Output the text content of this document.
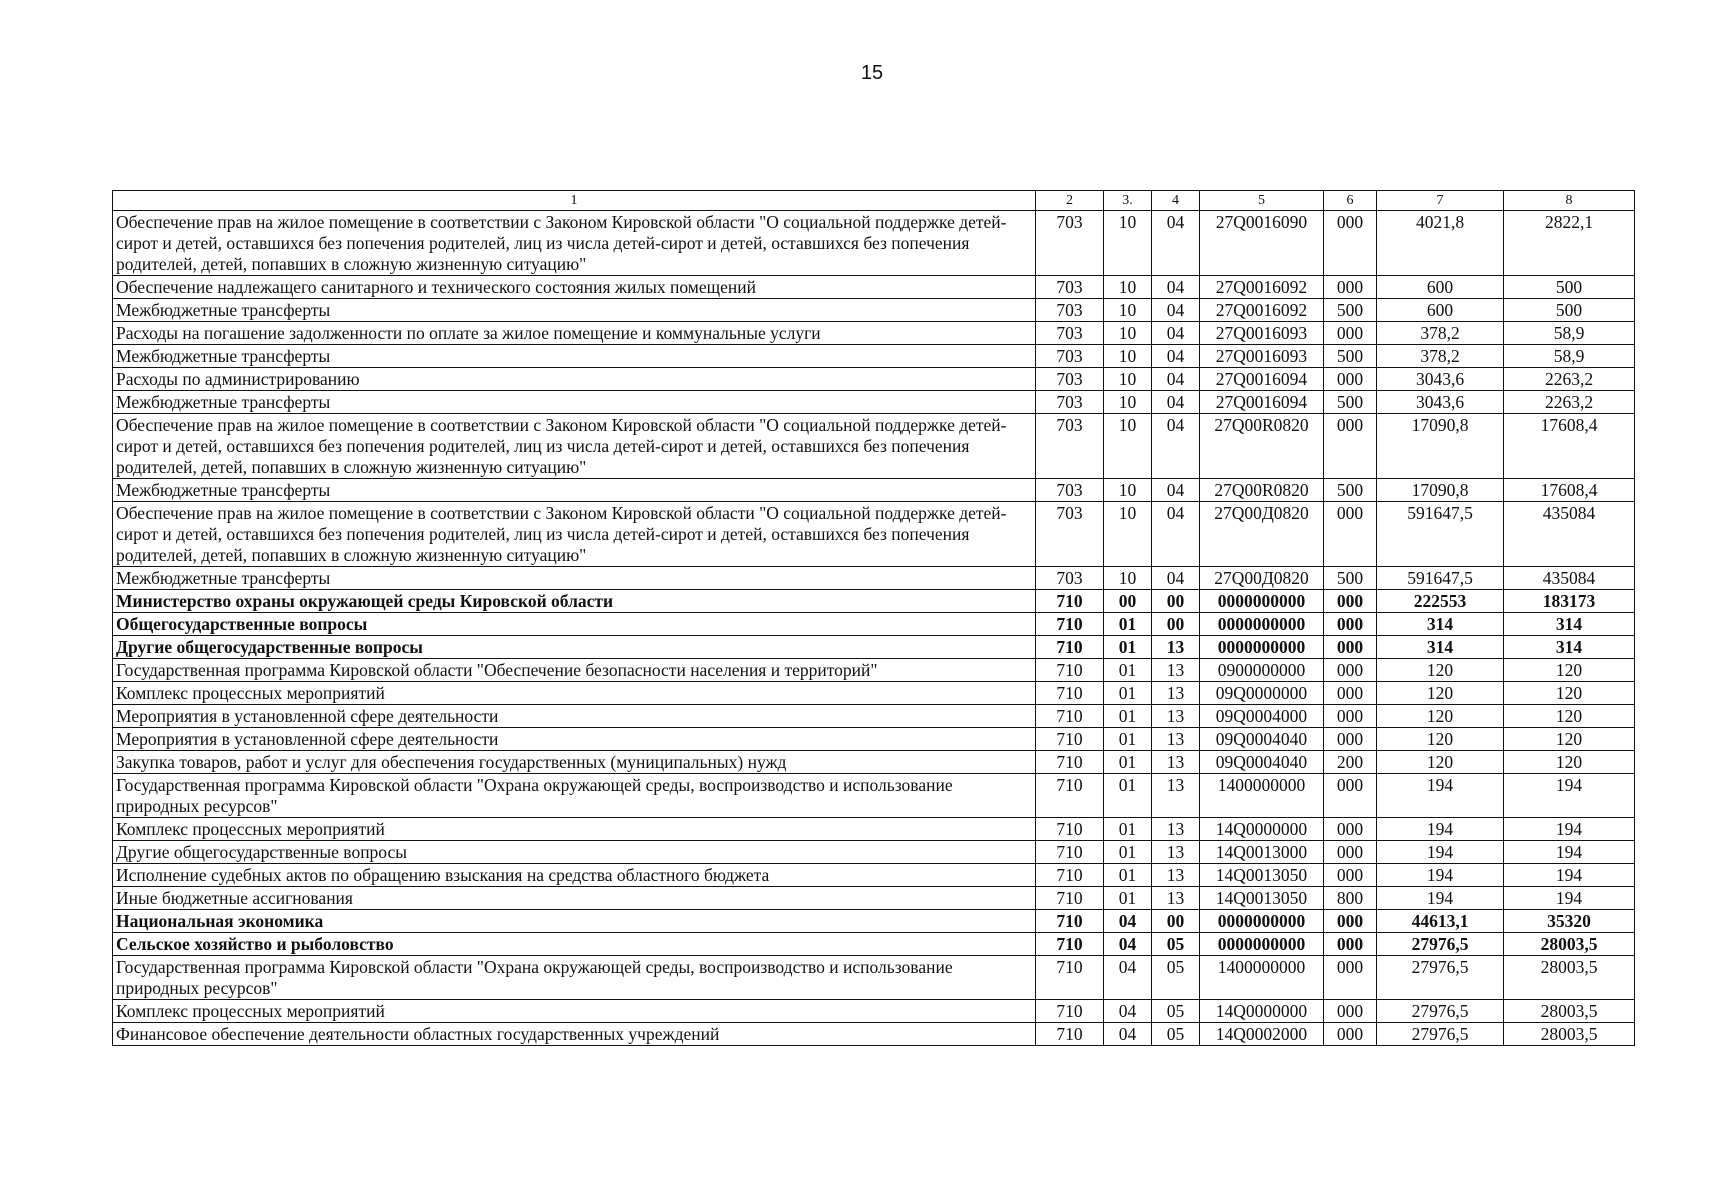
15
1	2	3.	4	5	6	7	8
Обеспечение прав на жилое помещение в соответствии с Законом Кировской области "О социальной поддержке детей-сирот и детей, оставшихся без попечения родителей, лиц из числа детей-сирот и детей, оставшихся без попечения родителей, детей, попавших в сложную жизненную ситуацию"	703	10	04	27Q0016090	000	4021,8	2822,1
Обеспечение надлежащего санитарного и технического состояния жилых помещений	703	10	04	27Q0016092	000	600	500
Межбюджетные трансферты	703	10	04	27Q0016092	500	600	500
Расходы на погашение задолженности по оплате за жилое помещение и коммунальные услуги	703	10	04	27Q0016093	000	378,2	58,9
Межбюджетные трансферты	703	10	04	27Q0016093	500	378,2	58,9
Расходы по администрированию	703	10	04	27Q0016094	000	3043,6	2263,2
Межбюджетные трансферты	703	10	04	27Q0016094	500	3043,6	2263,2
Обеспечение прав на жилое помещение в соответствии с Законом Кировской области "О социальной поддержке детей-сирот и детей, оставшихся без попечения родителей, лиц из числа детей-сирот и детей, оставшихся без попечения родителей, детей, попавших в сложную жизненную ситуацию"	703	10	04	27Q00R0820	000	17090,8	17608,4
Межбюджетные трансферты	703	10	04	27Q00R0820	500	17090,8	17608,4
Обеспечение прав на жилое помещение в соответствии с Законом Кировской области "О социальной поддержке детей-сирот и детей, оставшихся без попечения родителей, лиц из числа детей-сирот и детей, оставшихся без попечения родителей, детей, попавших в сложную жизненную ситуацию"	703	10	04	27Q00Д0820	000	591647,5	435084
Межбюджетные трансферты	703	10	04	27Q00Д0820	500	591647,5	435084
Министерство охраны окружающей среды Кировской области	710	00	00	0000000000	000	222553	183173
Общегосударственные вопросы	710	01	00	0000000000	000	314	314
Другие общегосударственные вопросы	710	01	13	0000000000	000	314	314
Государственная программа Кировской области "Обеспечение безопасности населения и территорий"	710	01	13	0900000000	000	120	120
Комплекс процессных мероприятий	710	01	13	09Q0000000	000	120	120
Мероприятия в установленной сфере деятельности	710	01	13	09Q0004000	000	120	120
Мероприятия в установленной сфере деятельности	710	01	13	09Q0004040	000	120	120
Закупка товаров, работ и услуг для обеспечения государственных (муниципальных) нужд	710	01	13	09Q0004040	200	120	120
Государственная программа Кировской области "Охрана окружающей среды, воспроизводство и использование природных ресурсов"	710	01	13	1400000000	000	194	194
Комплекс процессных мероприятий	710	01	13	14Q0000000	000	194	194
Другие общегосударственные вопросы	710	01	13	14Q0013000	000	194	194
Исполнение судебных актов по обращению взыскания на средства областного бюджета	710	01	13	14Q0013050	000	194	194
Иные бюджетные ассигнования	710	01	13	14Q0013050	800	194	194
Национальная экономика	710	04	00	0000000000	000	44613,1	35320
Сельское хозяйство и рыболовство	710	04	05	0000000000	000	27976,5	28003,5
Государственная программа Кировской области "Охрана окружающей среды, воспроизводство и использование природных ресурсов"	710	04	05	1400000000	000	27976,5	28003,5
Комплекс процессных мероприятий	710	04	05	14Q0000000	000	27976,5	28003,5
Финансовое обеспечение деятельности областных государственных учреждений	710	04	05	14Q0002000	000	27976,5	28003,5
